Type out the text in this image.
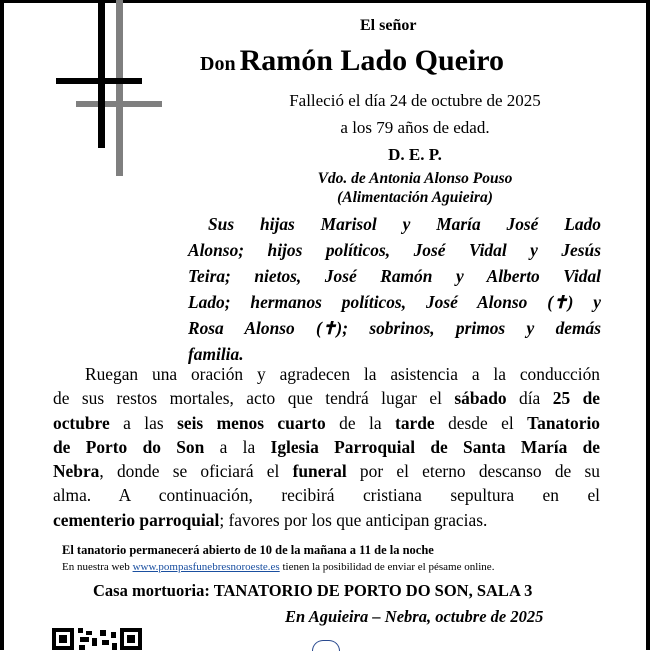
El señor
Don Ramón Lado Queiro
Falleció el día 24 de octubre de 2025
a los 79 años de edad.
D. E. P.
Vdo. de Antonia Alonso Pouso
(Alimentación Aguieira)
Sus hijas Marisol y María José Lado
Alonso; hijos políticos, José Vidal y Jesús
Teira; nietos, José Ramón y Alberto Vidal
Lado; hermanos políticos, José Alonso (✝) y
Rosa Alonso (✝); sobrinos, primos y demás
familia.
Ruegan una oración y agradecen la asistencia a la conducción
de sus restos mortales, acto que tendrá lugar el sábado día 25 de
octubre a las seis menos cuarto de la tarde desde el Tanatorio
de Porto do Son a la Iglesia Parroquial de Santa María de
Nebra, donde se oficiará el funeral por el eterno descanso de su
alma. A continuación, recibirá cristiana sepultura en el
cementerio parroquial; favores por los que anticipan gracias.
El tanatorio permanecerá abierto de 10 de la mañana a 11 de la noche
En nuestra web www.pompasfunebresnoroeste.es tienen la posibilidad de enviar el pésame online.
Casa mortuoria: TANATORIO DE PORTO DO SON, SALA 3
En Aguieira – Nebra, octubre de 2025
